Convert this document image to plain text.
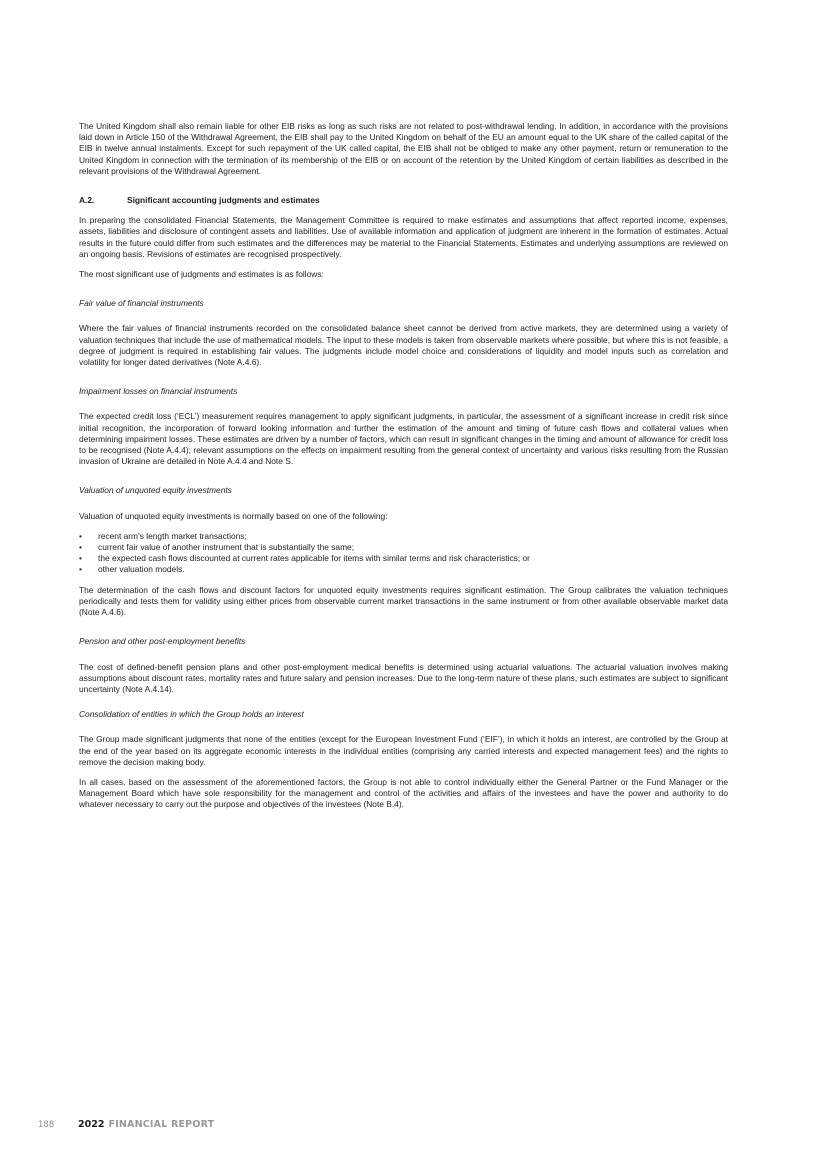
The United Kingdom shall also remain liable for other EIB risks as long as such risks are not related to post-withdrawal lending. In addition, in accordance with the provisions laid down in Article 150 of the Withdrawal Agreement, the EIB shall pay to the United Kingdom on behalf of the EU an amount equal to the UK share of the called capital of the EIB in twelve annual instalments. Except for such repayment of the UK called capital, the EIB shall not be obliged to make any other payment, return or remuneration to the United Kingdom in connection with the termination of its membership of the EIB or on account of the retention by the United Kingdom of certain liabilities as described in the relevant provisions of the Withdrawal Agreement.

A.2.	Significant accounting judgments and estimates

In preparing the consolidated Financial Statements, the Management Committee is required to make estimates and assumptions that affect reported income, expenses, assets, liabilities and disclosure of contingent assets and liabilities. Use of available information and application of judgment are inherent in the formation of estimates. Actual results in the future could differ from such estimates and the differences may be material to the Financial Statements. Estimates and underlying assumptions are reviewed on an ongoing basis. Revisions of estimates are recognised prospectively.

The most significant use of judgments and estimates is as follows:

Fair value of financial instruments

Where the fair values of financial instruments recorded on the consolidated balance sheet cannot be derived from active markets, they are determined using a variety of valuation techniques that include the use of mathematical models. The input to these models is taken from observable markets where possible, but where this is not feasible, a degree of judgment is required in establishing fair values. The judgments include model choice and considerations of liquidity and model inputs such as correlation and volatility for longer dated derivatives (Note A.4.6).

Impairment losses on financial instruments

The expected credit loss (‘ECL’) measurement requires management to apply significant judgments, in particular, the assessment of a significant increase in credit risk since initial recognition, the incorporation of forward looking information and further the estimation of the amount and timing of future cash flows and collateral values when determining impairment losses. These estimates are driven by a number of factors, which can result in significant changes in the timing and amount of allowance for credit loss to be recognised (Note A.4.4); relevant assumptions on the effects on impairment resulting from the general context of uncertainty and various risks resulting from the Russian invasion of Ukraine are detailed in Note A.4.4 and Note S.

Valuation of unquoted equity investments

Valuation of unquoted equity investments is normally based on one of the following:

•	recent arm’s length market transactions;
•	current fair value of another instrument that is substantially the same;
•	the expected cash flows discounted at current rates applicable for items with similar terms and risk characteristics; or
•	other valuation models.

The determination of the cash flows and discount factors for unquoted equity investments requires significant estimation. The Group calibrates the valuation techniques periodically and tests them for validity using either prices from observable current market transactions in the same instrument or from other available observable market data (Note A.4.6).

Pension and other post-employment benefits

The cost of defined-benefit pension plans and other post-employment medical benefits is determined using actuarial valuations. The actuarial valuation involves making assumptions about discount rates, mortality rates and future salary and pension increases. Due to the long-term nature of these plans, such estimates are subject to significant uncertainty (Note A.4.14).

Consolidation of entities in which the Group holds an interest

The Group made significant judgments that none of the entities (except for the European Investment Fund (‘EIF’), in which it holds an interest, are controlled by the Group at the end of the year based on its aggregate economic interests in the individual entities (comprising any carried interests and expected management fees) and the rights to remove the decision making body.

In all cases, based on the assessment of the aforementioned factors, the Group is not able to control individually either the General Partner or the Fund Manager or the Management Board which have sole responsibility for the management and control of the activities and affairs of the investees and have the power and authority to do whatever necessary to carry out the purpose and objectives of the investees (Note B.4).

188	2022 FINANCIAL REPORT
